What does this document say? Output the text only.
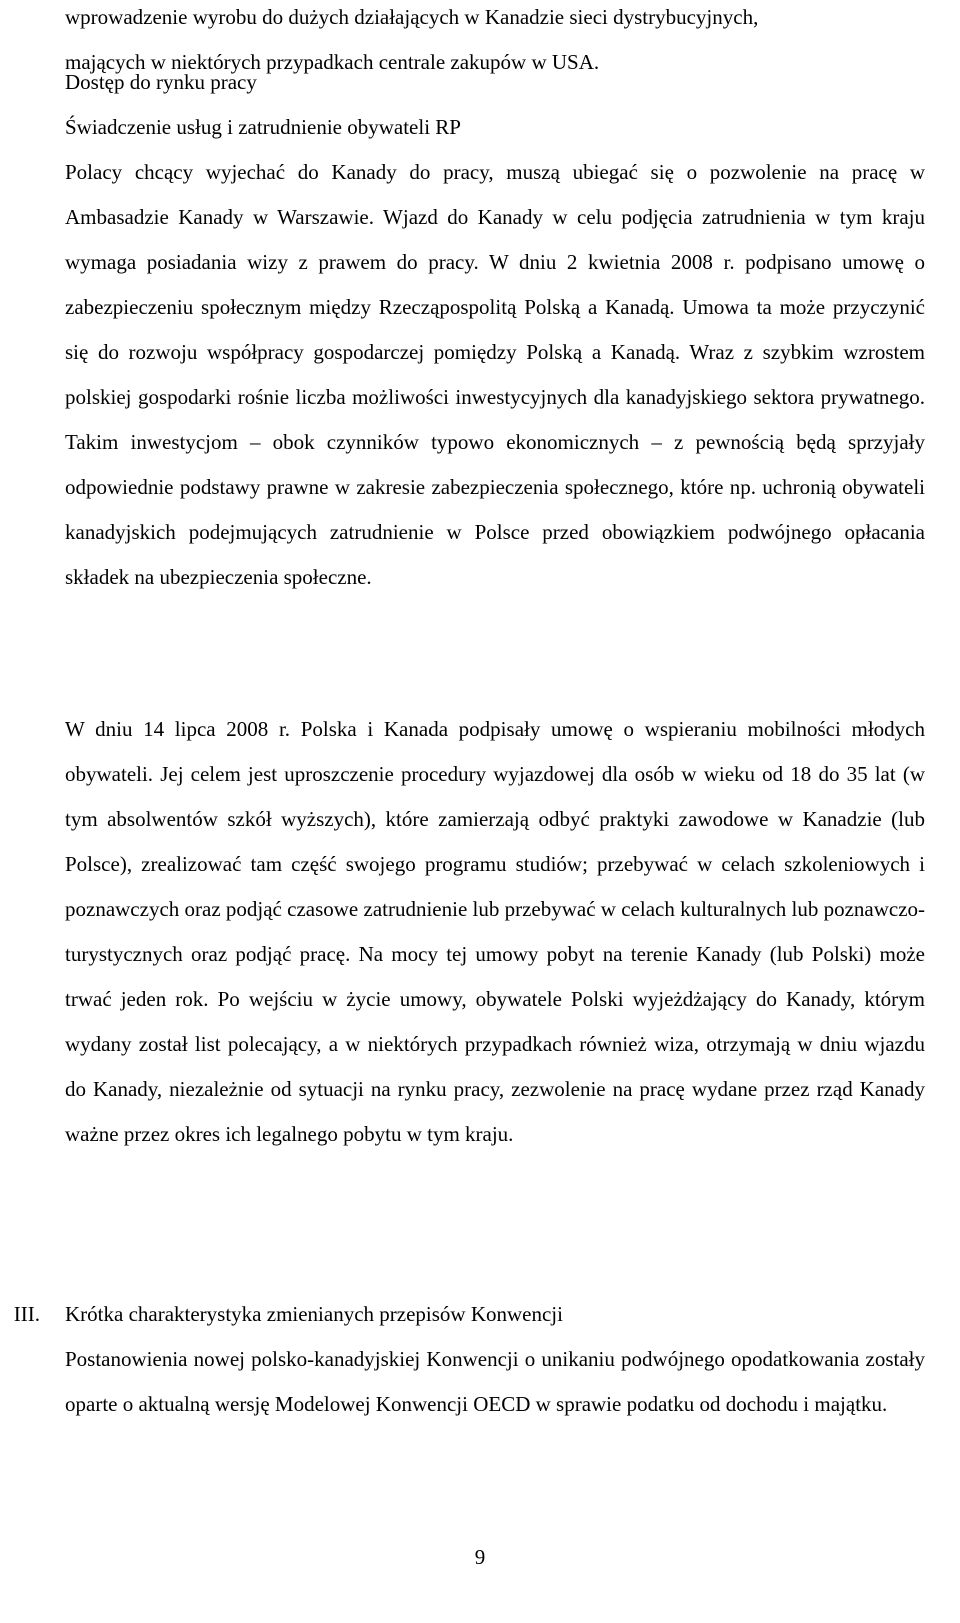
wprowadzenie wyrobu do dużych działających w Kanadzie sieci dystrybucyjnych,
mających w niektórych przypadkach centrale zakupów w USA.
Dostęp do rynku pracy
Świadczenie usług i zatrudnienie obywateli RP
Polacy chcący wyjechać do Kanady do pracy, muszą ubiegać się o pozwolenie na pracę w Ambasadzie Kanady w Warszawie. Wjazd do Kanady w celu podjęcia zatrudnienia w tym kraju wymaga posiadania wizy z prawem do pracy. W dniu 2 kwietnia 2008 r. podpisano umowę o zabezpieczeniu społecznym między Rzecząpospolitą Polską a Kanadą. Umowa ta może przyczynić się do rozwoju współpracy gospodarczej pomiędzy Polską a Kanadą. Wraz z szybkim wzrostem polskiej gospodarki rośnie liczba możliwości inwestycyjnych dla kanadyjskiego sektora prywatnego. Takim inwestycjom – obok czynników typowo ekonomicznych – z pewnością będą sprzyjały odpowiednie podstawy prawne w zakresie zabezpieczenia społecznego, które np. uchronią obywateli kanadyjskich podejmujących zatrudnienie w Polsce przed obowiązkiem podwójnego opłacania składek na ubezpieczenia społeczne.
W dniu 14 lipca 2008 r. Polska i Kanada podpisały umowę o wspieraniu mobilności młodych obywateli. Jej celem jest uproszczenie procedury wyjazdowej dla osób w wieku od 18 do 35 lat (w tym absolwentów szkół wyższych), które zamierzają odbyć praktyki zawodowe w Kanadzie (lub Polsce), zrealizować tam część swojego programu studiów; przebywać w celach szkoleniowych i poznawczych oraz podjąć czasowe zatrudnienie lub przebywać w celach kulturalnych lub poznawczo-turystycznych oraz podjąć pracę. Na mocy tej umowy pobyt na terenie Kanady (lub Polski) może trwać jeden rok. Po wejściu w życie umowy, obywatele Polski wyjeżdżający do Kanady, którym wydany został list polecający, a w niektórych przypadkach również wiza, otrzymają w dniu wjazdu do Kanady, niezależnie od sytuacji na rynku pracy, zezwolenie na pracę wydane przez rząd Kanady ważne przez okres ich legalnego pobytu w tym kraju.
III. Krótka charakterystyka zmienianych przepisów Konwencji
Postanowienia nowej polsko-kanadyjskiej Konwencji o unikaniu podwójnego opodatkowania zostały oparte o aktualną wersję Modelowej Konwencji OECD w sprawie podatku od dochodu i majątku.
9
